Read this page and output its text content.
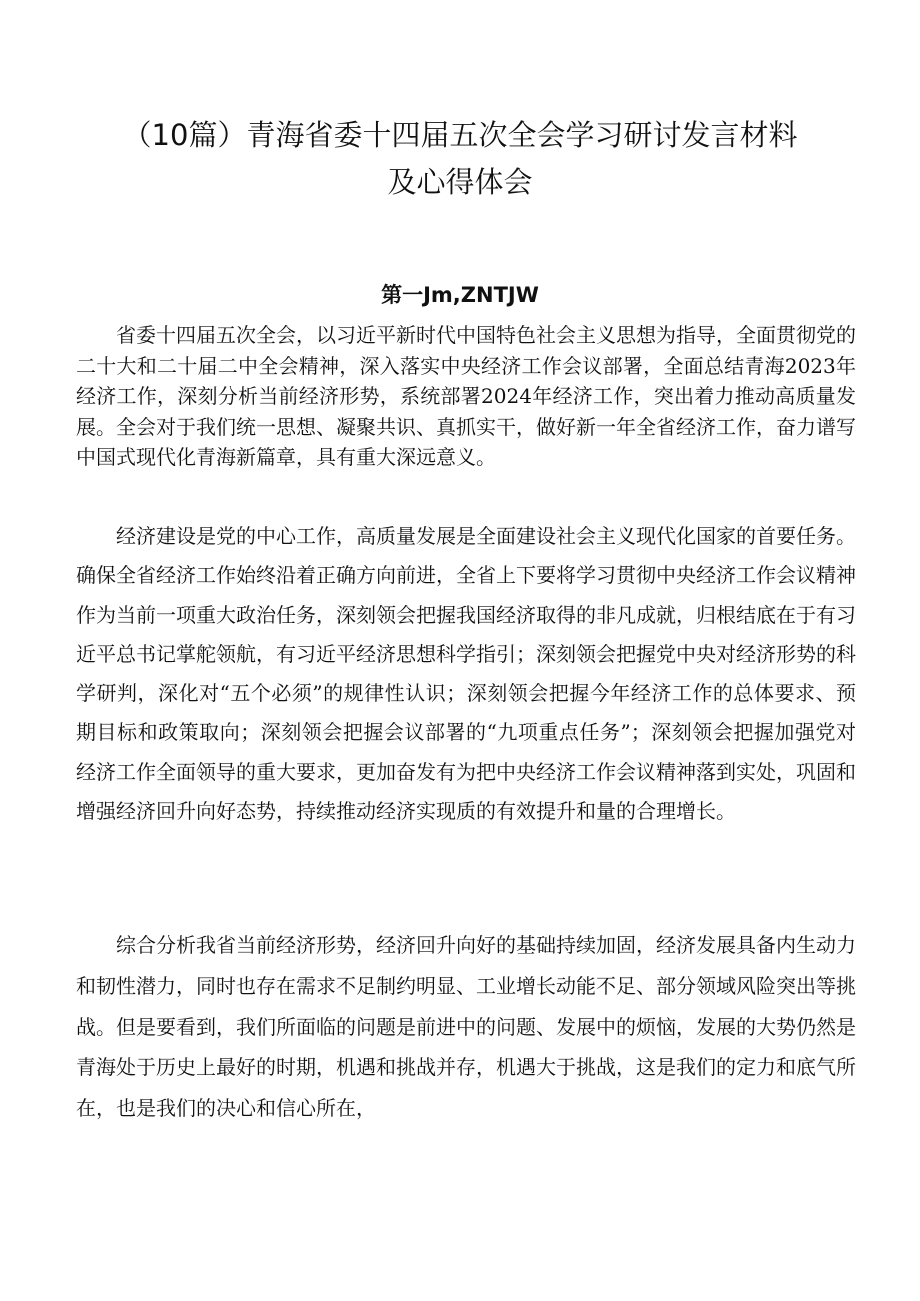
（10篇）青海省委十四届五次全会学习研讨发言材料
及心得体会
第一Jm,ZNTJW

省委十四届五次全会，以习近平新时代中国特色社会主义思想为指导，全面贯彻党的二十大和二十届二中全会精神，深入落实中央经济工作会议部署，全面总结青海2023年经济工作，深刻分析当前经济形势，系统部署2024年经济工作，突出着力推动高质量发展。全会对于我们统一思想、凝聚共识、真抓实干，做好新一年全省经济工作，奋力谱写中国式现代化青海新篇章，具有重大深远意义。

经济建设是党的中心工作，高质量发展是全面建设社会主义现代化国家的首要任务。确保全省经济工作始终沿着正确方向前进，全省上下要将学习贯彻中央经济工作会议精神作为当前一项重大政治任务，深刻领会把握我国经济取得的非凡成就，归根结底在于有习近平总书记掌舵领航，有习近平经济思想科学指引；深刻领会把握党中央对经济形势的科学研判，深化对“五个必须”的规律性认识；深刻领会把握今年经济工作的总体要求、预期目标和政策取向；深刻领会把握会议部署的“九项重点任务”；深刻领会把握加强党对经济工作全面领导的重大要求，更加奋发有为把中央经济工作会议精神落到实处，巩固和增强经济回升向好态势，持续推动经济实现质的有效提升和量的合理增长。

综合分析我省当前经济形势，经济回升向好的基础持续加固，经济发展具备内生动力和韧性潜力，同时也存在需求不足制约明显、工业增长动能不足、部分领域风险突出等挑战。但是要看到，我们所面临的问题是前进中的问题、发展中的烦恼，发展的大势仍然是青海处于历史上最好的时期，机遇和挑战并存，机遇大于挑战，这是我们的定力和底气所在，也是我们的决心和信心所在，
